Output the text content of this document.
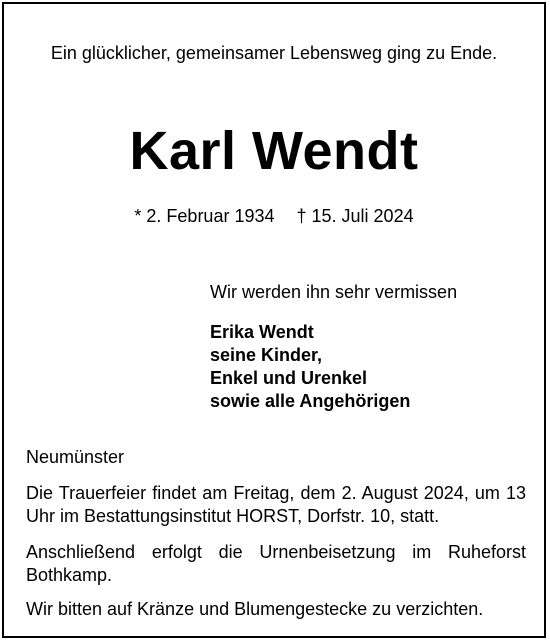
Ein glücklicher, gemeinsamer Lebensweg ging zu Ende.
Karl Wendt
* 2. Februar 1934 † 15. Juli 2024
Wir werden ihn sehr vermissen
Erika Wendt
seine Kinder,
Enkel und Urenkel
sowie alle Angehörigen
Neumünster
Die Trauerfeier findet am Freitag, dem 2. August 2024, um 13 Uhr im Bestattungsinstitut HORST, Dorfstr. 10, statt.
Anschließend erfolgt die Urnenbeisetzung im Ruheforst Bothkamp.
Wir bitten auf Kränze und Blumengestecke zu verzichten.
